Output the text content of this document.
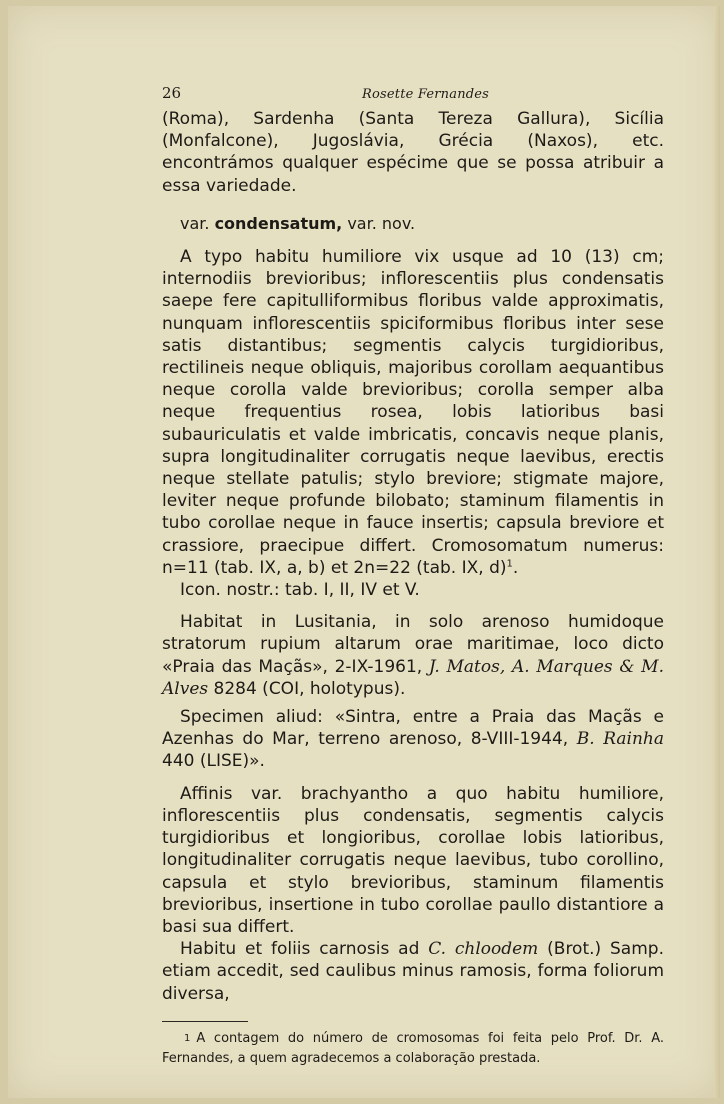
26	Rosette Fernandes

(Roma), Sardenha (Santa Tereza Gallura), Sicília (Monfalcone), Jugoslávia, Grécia (Naxos), etc. encontrámos qualquer espécime que se possa atribuir a essa variedade.

var. condensatum, var. nov.

A typo habitu humiliore vix usque ad 10 (13) cm; internodiis brevioribus; inflorescentiis plus condensatis saepe fere capitulliformibus floribus valde approximatis, nunquam inflorescentiis spiciformibus floribus inter sese satis distantibus; segmentis calycis turgidioribus, rectilineis neque obliquis, majoribus corollam aequantibus neque corolla valde brevioribus; corolla semper alba neque frequentius rosea, lobis latioribus basi subauriculatis et valde imbricatis, concavis neque planis, supra longitudinaliter corrugatis neque laevibus, erectis neque stellate patulis; stylo breviore; stigmate majore, leviter neque profunde bilobato; staminum filamentis in tubo corollae neque in fauce insertis; capsula breviore et crassiore, praecipue differt. Cromosomatum numerus: n=11 (tab. IX, a, b) et 2n=22 (tab. IX, d)$^1$.

Icon. nostr.: tab. I, II, IV et V.

Habitat in Lusitania, in solo arenoso humidoque stratorum rupium altarum orae maritimae, loco dicto «Praia das Maçãs», 2-IX-1961, J. Matos, A. Marques & M. Alves 8284 (COI, holotypus).

Specimen aliud: «Sintra, entre a Praia das Maçãs e Azenhas do Mar, terreno arenoso, 8-VIII-1944, B. Rainha 440 (LISE)».

Affinis var. brachyantho a quo habitu humiliore, inflorescentiis plus condensatis, segmentis calycis turgidioribus et longioribus, corollae lobis latioribus, longitudinaliter corrugatis neque laevibus, tubo corollino, capsula et stylo brevioribus, staminum filamentis brevioribus, insertione in tubo corollae paullo distantiore a basi sua differt.

Habitu et foliis carnosis ad C. chloodem (Brot.) Samp. etiam accedit, sed caulibus minus ramosis, forma foliorum diversa,

$^1$ A contagem do número de cromosomas foi feita pelo Prof. Dr. A. Fernandes, a quem agradecemos a colaboração prestada.
